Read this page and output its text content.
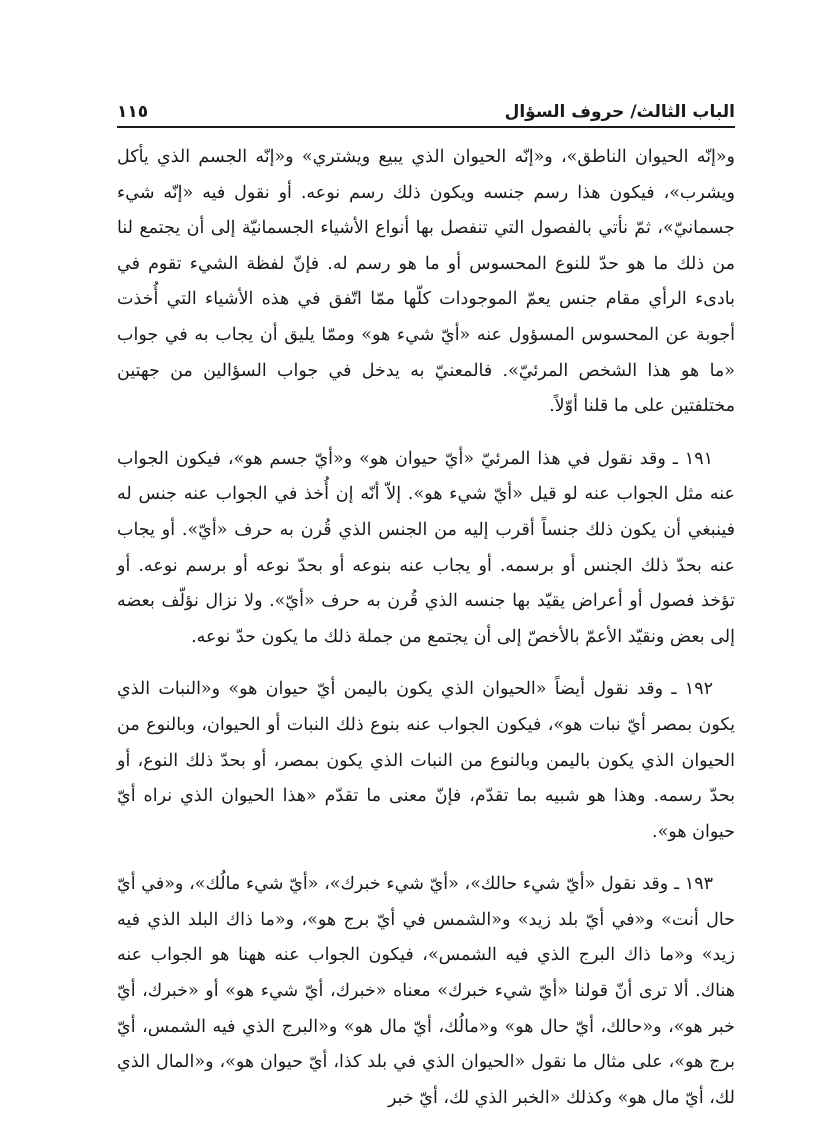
الباب الثالث/ حروف السؤال
١١٥

و«إنّه الحيوان الناطق»، و«إنّه الحيوان الذي يبيع ويشتري» و«إنّه الجسم الذي يأكل ويشرب»، فيكون هذا رسم جنسه ويكون ذلك رسم نوعه. أو نقول فيه «إنّه شيء جسمانيّ»، ثمّ نأتي بالفصول التي تنفصل بها أنواع الأشياء الجسمانيّة إلى أن يجتمع لنا من ذلك ما هو حدّ للنوع المحسوس أو ما هو رسم له. فإنّ لفظة الشيء تقوم في بادىء الرأي مقام جنس يعمّ الموجودات كلّها ممّا اتّفق في هذه الأشياء التي أُخذت أجوبة عن المحسوس المسؤول عنه «أيّ شيء هو» وممّا يليق أن يجاب به في جواب «ما هو هذا الشخص المرئيّ». فالمعنيّ به يدخل في جواب السؤالين من جهتين مختلفتين على ما قلنا أوّلاً.

١٩١ ـ وقد نقول في هذا المرئيّ «أيّ حيوان هو» و«أيّ جسم هو»، فيكون الجواب عنه مثل الجواب عنه لو قيل «أيّ شيء هو». إلاّ أنّه إن أُخذ في الجواب عنه جنس له فينبغي أن يكون ذلك جنساً أقرب إليه من الجنس الذي قُرن به حرف «أيّ». أو يجاب عنه بحدّ ذلك الجنس أو برسمه. أو يجاب عنه بنوعه أو بحدّ نوعه أو برسم نوعه. أو تؤخذ فصول أو أعراض يقيّد بها جنسه الذي قُرن به حرف «أيّ». ولا نزال نؤلّف بعضه إلى بعض ونقيّد الأعمّ بالأخصّ إلى أن يجتمع من جملة ذلك ما يكون حدّ نوعه.

١٩٢ ـ وقد نقول أيضاً «الحيوان الذي يكون باليمن أيّ حيوان هو» و«النبات الذي يكون بمصر أيّ نبات هو»، فيكون الجواب عنه بنوع ذلك النبات أو الحيوان، وبالنوع من الحيوان الذي يكون باليمن وبالنوع من النبات الذي يكون بمصر، أو بحدّ ذلك النوع، أو بحدّ رسمه. وهذا هو شبيه بما تقدّم، فإنّ معنى ما تقدّم «هذا الحيوان الذي نراه أيّ حيوان هو».

١٩٣ ـ وقد نقول «أيّ شيء حالك»، «أيّ شيء خبرك»، «أيّ شيء مالُك»، و«في أيّ حال أنت» و«في أيّ بلد زيد» و«الشمس في أيّ برج هو»، و«ما ذاك البلد الذي فيه زيد» و«ما ذاك البرج الذي فيه الشمس»، فيكون الجواب عنه ههنا هو الجواب عنه هناك. ألا ترى أنّ قولنا «أيّ شيء خبرك» معناه «خبرك، أيّ شيء هو» أو «خبرك، أيّ خبر هو»، و«حالك، أيّ حال هو» و«مالُك، أيّ مال هو» و«البرج الذي فيه الشمس، أيّ برج هو»، على مثال ما نقول «الحيوان الذي في بلد كذا، أيّ حيوان هو»، و«المال الذي لك، أيّ مال هو» وكذلك «الخبر الذي لك، أيّ خبر
